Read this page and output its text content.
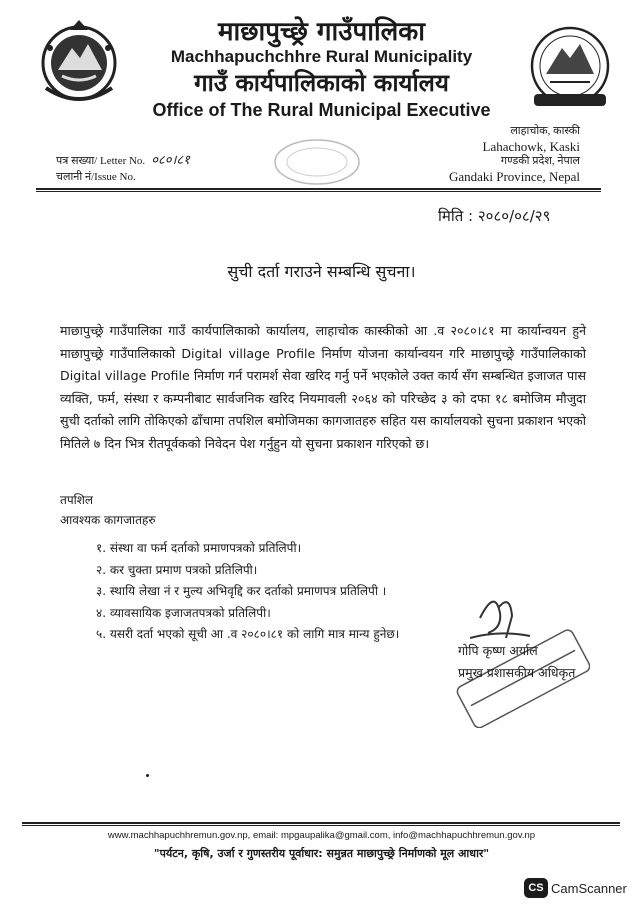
माछापुच्छ्रे गाउँपालिका
Machhapuchchhre Rural Municipality
गाउँ कार्यपालिकाको कार्यालय
Office of The Rural Municipal Executive
पत्र सख्या/ Letter No. ०८०।८१
चलानी नं/Issue No.
लाहाचोक, कास्की
Lahachowk, Kaski
गण्डकी प्रदेश, नेपाल
Gandaki Province, Nepal
मिति : २०८०/०८/२९
सुची दर्ता गराउने सम्बन्धि सुचना।
माछापुच्छ्रे गाउँपालिका गाउँ कार्यपालिकाको कार्यालय, लाहाचोक कास्कीको आ .व २०८०।८१ मा कार्यान्वयन हुने माछापुच्छ्रे गाउँपालिकाको Digital village Profile निर्माण योजना कार्यान्वयन गरि माछापुच्छ्रे गाउँपालिकाको Digital village Profile निर्माण गर्न परामर्श सेवा खरिद गर्नु पर्ने भएकोले उक्त कार्य सँग सम्बन्धित इजाजत पास व्यक्ति, फर्म, संस्था र कम्पनीबाट सार्वजनिक खरिद नियमावली २०६४ को परिच्छेद ३ को दफा १८ बमोजिम मौजुदा सुची दर्ताको लागि तोकिएको ढाँचामा तपशिल बमोजिमका कागजातहरु सहित यस कार्यालयको सुचना प्रकाशन भएको मितिले ७ दिन भित्र रीतपूर्वकको निवेदन पेश गर्नुहुन यो सुचना प्रकाशन गरिएको छ।
तपशिल
आवश्यक कागजातहरु
१. संस्था वा फर्म दर्ताको प्रमाणपत्रको प्रतिलिपी।
२. कर चुक्ता प्रमाण पत्रको प्रतिलिपी।
३. स्थायि लेखा नं र मुल्य अभिवृद्दि कर दर्ताको प्रमाणपत्र प्रतिलिपी ।
४. व्यावसायिक इजाजतपत्रको प्रतिलिपी।
५. यसरी दर्ता भएको सूची आ .व २०८०।८१ को लागि मात्र मान्य हुनेछ।
गोपि कृष्ण अर्याल
प्रमुख प्रशासकीय अधिकृत
www.machhapuchhremun.gov.np, email: mpgaupalika@gmail.com, info@machhapuchhremun.gov.np
"पर्यटन, कृषि, उर्जा र गुणस्तरीय पूर्वाधार: समुन्नत माछापुच्छ्रे निर्माणको मूल आधार"
CS CamScanner
